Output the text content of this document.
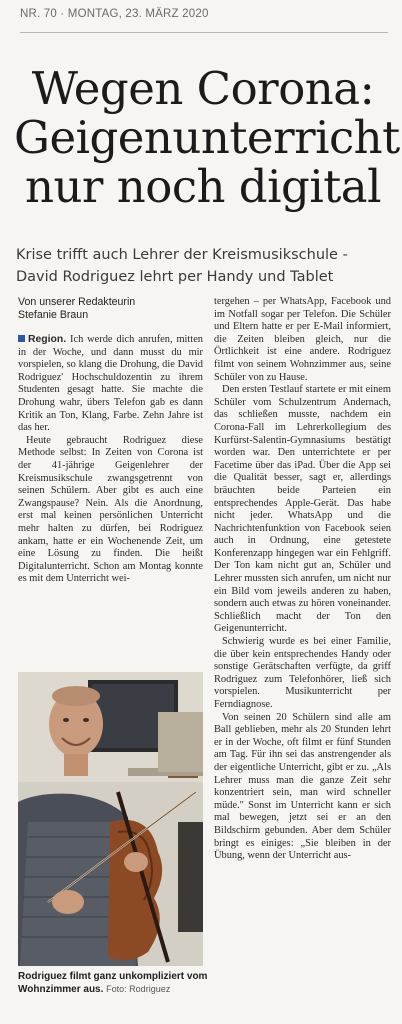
NR. 70 · MONTAG, 23. MÄRZ 2020
Wegen Corona:
Geigenunterricht
nur noch digital
Krise trifft auch Lehrer der Kreismusikschule -
David Rodriguez lehrt per Handy und Tablet
Von unserer Redakteurin
Stefanie Braun

Region. Ich werde dich anrufen, mitten in der Woche, und dann musst du mir vorspielen, so klang die Drohung, die David Rodriguez' Hochschuldozentin zu ihrem Studenten gesagt hatte. Sie machte die Drohung wahr, übers Telefon gab es dann Kritik an Ton, Klang, Farbe. Zehn Jahre ist das her.

Heute gebraucht Rodriguez diese Methode selbst: In Zeiten von Corona ist der 41-jährige Geigenlehrer der Kreismusikschule zwangsgetrennt von seinen Schülern. Aber gibt es auch eine Zwangspause? Nein. Als die Anordnung, erst mal keinen persönlichen Unterricht mehr halten zu dürfen, bei Rodriguez ankam, hatte er ein Wochenende Zeit, um eine Lösung zu finden. Die heißt Digitalunterricht. Schon am Montag konnte es mit dem Unterricht wei-

Rodriguez filmt ganz unkompliziert vom Wohnzimmer aus. Foto: Rodriguez

tergehen – per WhatsApp, Facebook und im Notfall sogar per Telefon. Die Schüler und Eltern hatte er per E-Mail informiert, die Zeiten bleiben gleich, nur die Örtlichkeit ist eine andere. Rodriguez filmt von seinem Wohnzimmer aus, seine Schüler von zu Hause.

Den ersten Testlauf startete er mit einem Schüler vom Schulzentrum Andernach, das schließen musste, nachdem ein Corona-Fall im Lehrerkollegium des Kurfürst-Salentin-Gymnasiums bestätigt worden war. Den unterrichtete er per Facetime über das iPad. Über die App sei die Qualität besser, sagt er, allerdings bräuchten beide Parteien ein entsprechendes Apple-Gerät. Das habe nicht jeder. WhatsApp und die Nachrichtenfunktion von Facebook seien auch in Ordnung, eine getestete Konferenzapp hingegen war ein Fehlgriff. Der Ton kam nicht gut an, Schüler und Lehrer mussten sich anrufen, um nicht nur ein Bild vom jeweils anderen zu haben, sondern auch etwas zu hören voneinander. Schließlich macht der Ton den Geigenunterricht.

Schwierig wurde es bei einer Familie, die über kein entsprechendes Handy oder sonstige Gerätschaften verfügte, da griff Rodriguez zum Telefonhörer, ließ sich vorspielen. Musikunterricht per Ferndiagnose.

Von seinen 20 Schülern sind alle am Ball geblieben, mehr als 20 Stunden lehrt er in der Woche, oft filmt er fünf Stunden am Tag. Für ihn sei das anstrengender als der eigentliche Unterricht, gibt er zu. „Als Lehrer muss man die ganze Zeit sehr konzentriert sein, man wird schneller müde." Sonst im Unterricht kann er sich mal bewegen, jetzt sei er an den Bildschirm gebunden. Aber dem Schüler bringt es einiges: „Sie bleiben in der Übung, wenn der Unterricht aus-
